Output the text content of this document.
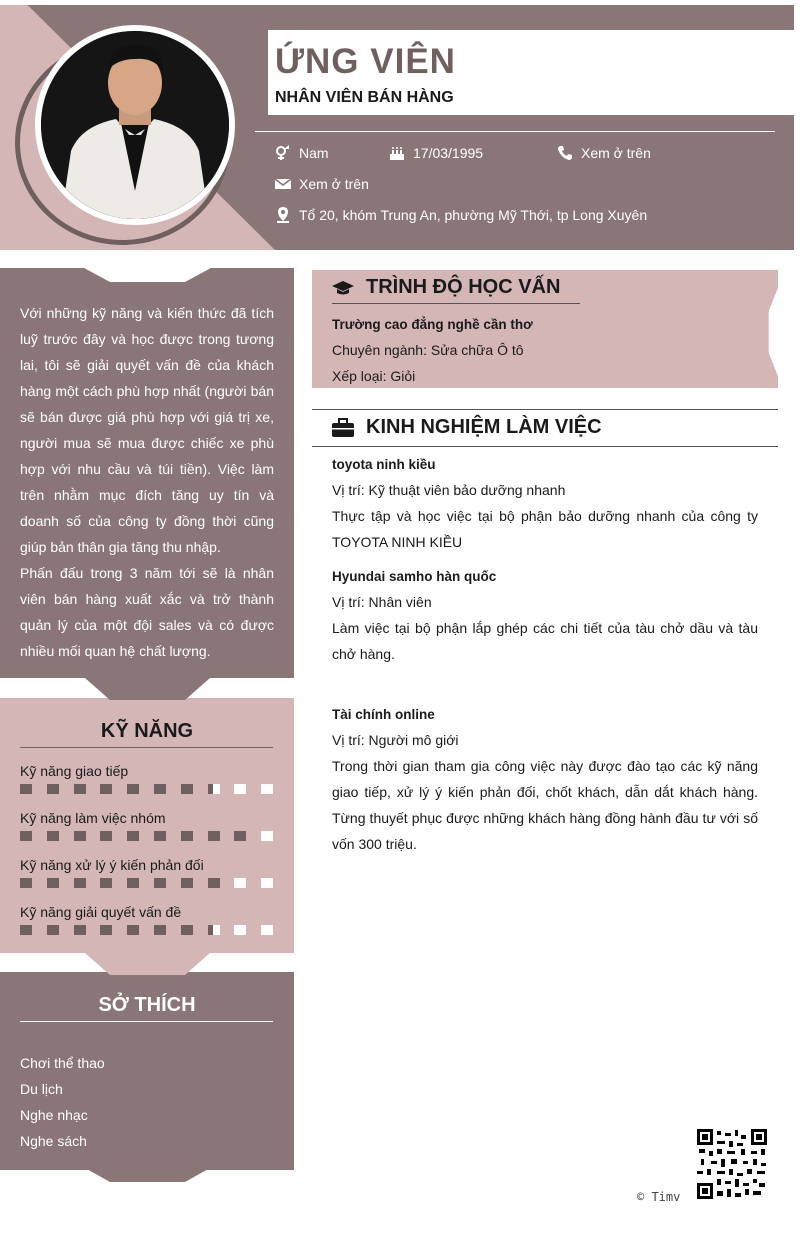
ỨNG VIÊN
NHÂN VIÊN BÁN HÀNG
Nam	17/03/1995	Xem ở trên
Xem ở trên
Tổ 20, khóm Trung An, phường Mỹ Thới, tp Long Xuyên

Với những kỹ năng và kiến thức đã tích luỹ trước đây và học được trong tương lai, tôi sẽ giải quyết vấn đề của khách hàng một cách phù hợp nhất (người bán sẽ bán được giá phù hợp với giá trị xe, người mua sẽ mua được chiếc xe phù hợp với nhu cầu và túi tiền). Việc làm trên nhằm mục đích tăng uy tín và doanh số của công ty đồng thời cũng giúp bản thân gia tăng thu nhập.

Phấn đấu trong 3 năm tới sẽ là nhân viên bán hàng xuất xắc và trở thành quản lý của một đội sales và có được nhiều mối quan hệ chất lượng.

KỸ NĂNG
Kỹ năng giao tiếp
Kỹ năng làm việc nhóm
Kỹ năng xử lý ý kiến phản đối
Kỹ năng giải quyết vấn đề
SỞ THÍCH
Chơi thể thao
Du lịch
Nghe nhạc
Nghe sách
TRÌNH ĐỘ HỌC VẤN
Trường cao đẳng nghề cần thơ
Chuyên ngành: Sửa chữa Ô tô
Xếp loại: Giỏi
KINH NGHIỆM LÀM VIỆC
toyota ninh kiều
Vị trí: Kỹ thuật viên bảo dưỡng nhanh
Thực tập và học việc tại bộ phận bảo dưỡng nhanh của công ty TOYOTA NINH KIỀU
Hyundai samho hàn quốc
Vị trí: Nhân viên
Làm việc tại bộ phận lắp ghép các chi tiết của tàu chở dầu và tàu chở hàng.
Tài chính online
Vị trí: Người mô giới
Trong thời gian tham gia công việc này được đào tạo các kỹ năng giao tiếp, xử lý ý kiến phản đối, chốt khách, dẫn dắt khách hàng. Từng thuyết phục được những khách hàng đồng hành đầu tư với số vốn 300 triệu.
© Timv
